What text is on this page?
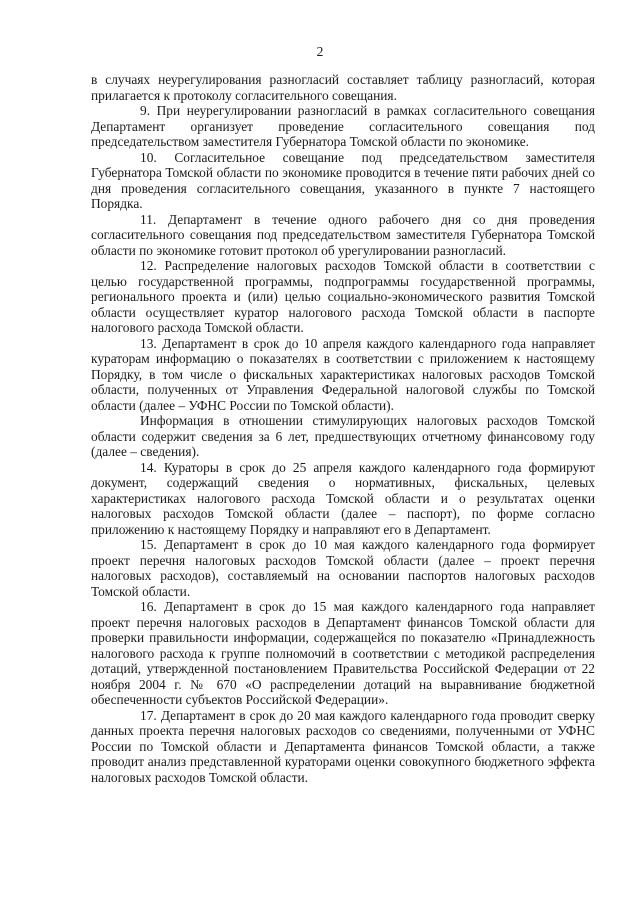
2

в случаях неурегулирования разногласий составляет таблицу разногласий, которая прилагается к протоколу согласительного совещания.

9. При неурегулировании разногласий в рамках согласительного совещания Департамент организует проведение согласительного совещания под председательством заместителя Губернатора Томской области по экономике.

10. Согласительное совещание под председательством заместителя Губернатора Томской области по экономике проводится в течение пяти рабочих дней со дня проведения согласительного совещания, указанного в пункте 7 настоящего Порядка.

11. Департамент в течение одного рабочего дня со дня проведения согласительного совещания под председательством заместителя Губернатора Томской области по экономике готовит протокол об урегулировании разногласий.

12. Распределение налоговых расходов Томской области в соответствии с целью государственной программы, подпрограммы государственной программы, регионального проекта и (или) целью социально-экономического развития Томской области осуществляет куратор налогового расхода Томской области в паспорте налогового расхода Томской области.

13. Департамент в срок до 10 апреля каждого календарного года направляет кураторам информацию о показателях в соответствии с приложением к настоящему Порядку, в том числе о фискальных характеристиках налоговых расходов Томской области, полученных от Управления Федеральной налоговой службы по Томской области (далее – УФНС России по Томской области).

Информация в отношении стимулирующих налоговых расходов Томской области содержит сведения за 6 лет, предшествующих отчетному финансовому году (далее – сведения).

14. Кураторы в срок до 25 апреля каждого календарного года формируют документ, содержащий сведения о нормативных, фискальных, целевых характеристиках налогового расхода Томской области и о результатах оценки налоговых расходов Томской области (далее – паспорт), по форме согласно приложению к настоящему Порядку и направляют его в Департамент.

15. Департамент в срок до 10 мая каждого календарного года формирует проект перечня налоговых расходов Томской области (далее – проект перечня налоговых расходов), составляемый на основании паспортов налоговых расходов Томской области.

16. Департамент в срок до 15 мая каждого календарного года направляет проект перечня налоговых расходов в Департамент финансов Томской области для проверки правильности информации, содержащейся по показателю «Принадлежность налогового расхода к группе полномочий в соответствии с методикой распределения дотаций, утвержденной постановлением Правительства Российской Федерации от 22 ноября 2004 г. № 670 «О распределении дотаций на выравнивание бюджетной обеспеченности субъектов Российской Федерации».

17. Департамент в срок до 20 мая каждого календарного года проводит сверку данных проекта перечня налоговых расходов со сведениями, полученными от УФНС России по Томской области и Департамента финансов Томской области, а также проводит анализ представленной кураторами оценки совокупного бюджетного эффекта налоговых расходов Томской области.
